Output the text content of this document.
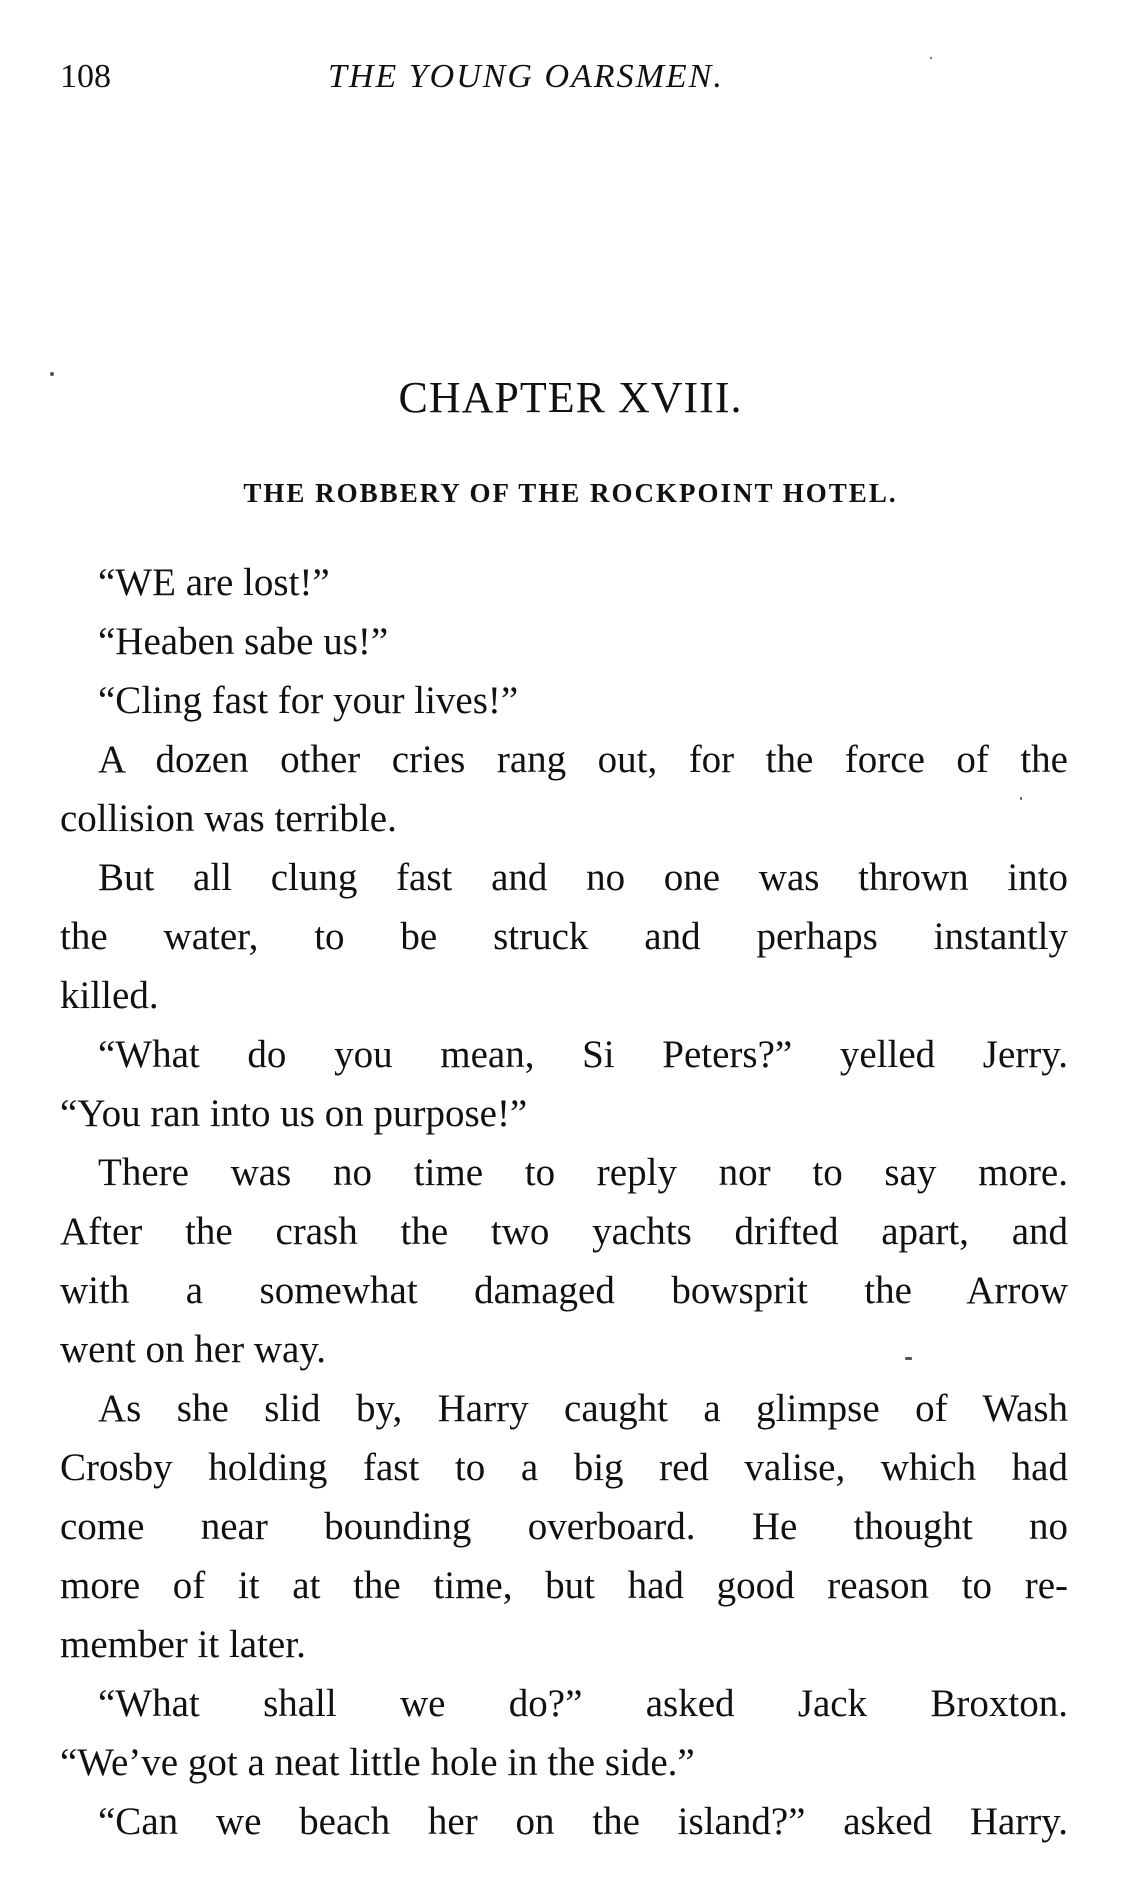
108	THE YOUNG OARSMEN.
CHAPTER XVIII.
THE ROBBERY OF THE ROCKPOINT HOTEL.
“WE are lost!”
“Heaben sabe us!”
“Cling fast for your lives!”
A dozen other cries rang out, for the force of the
collision was terrible.
But all clung fast and no one was thrown into
the water, to be struck and perhaps instantly
killed.
“What do you mean, Si Peters?” yelled Jerry.
“You ran into us on purpose!”
There was no time to reply nor to say more.
After the crash the two yachts drifted apart, and
with a somewhat damaged bowsprit the Arrow
went on her way.
As she slid by, Harry caught a glimpse of Wash
Crosby holding fast to a big red valise, which had
come near bounding overboard. He thought no
more of it at the time, but had good reason to re-
member it later.
“What shall we do?” asked Jack Broxton.
“We’ve got a neat little hole in the side.”
“Can we beach her on the island?” asked Harry.
